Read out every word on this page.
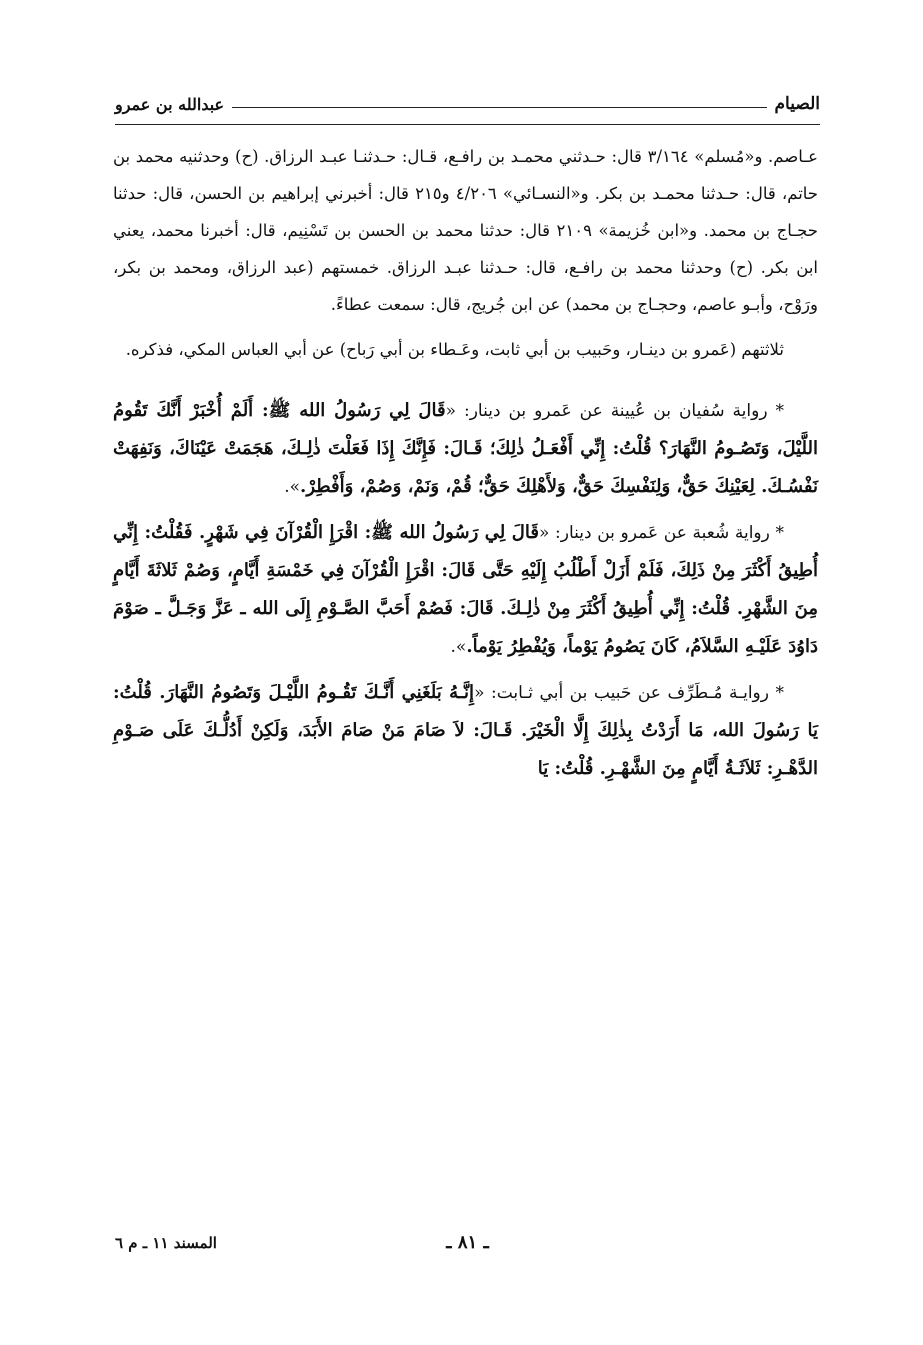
الصيام
عبدالله بن عمرو

عـاصم. و«مُسلم» ٣/١٦٤ قال: حـدثني محمـد بن رافـع، قـال: حـدثنـا عبـد الرزاق. (ح) وحدثنيه محمد بن حاتم، قال: حـدثنا محمـد بن بكر. و«النسـائي» ٤/٢٠٦ و٢١٥ قال: أخبرني إبراهيم بن الحسن، قال: حدثنا حجـاج بن محمد. و«ابن خُزيمة» ٢١٠٩ قال: حدثنا محمد بن الحسن بن تَسْنِيم، قال: أخبرنا محمد، يعني ابن بكر. (ح) وحدثنا محمد بن رافـع، قال: حـدثنا عبـد الرزاق. خمستهم (عبد الرزاق، ومحمد بن بكر، ورَوْح، وأبـو عاصم، وحجـاج بن محمد) عن ابن جُريج، قال: سمعت عطاءً.

ثلاثتهم (عَمرو بن دينـار، وحَبيب بن أبي ثابت، وعَـطاء بن أبي رَباح) عن أبي العباس المكي، فذكره.

* رواية سُفيان بن عُيينة عن عَمرو بن دينار: «قَالَ لِي رَسُولُ الله ﷺ: أَلَمْ أُخْبَرْ أَنَّكَ تَقُومُ اللَّيْلَ، وَتَصُـومُ النَّهَارَ؟ قُلْتُ: إِنِّي أَفْعَـلُ ذٰلِكَ؛ قَـالَ: فَإِنَّكَ إِذَا فَعَلْتَ ذٰلِـكَ، هَجَمَتْ عَيْنَاكَ، وَنَفِهَتْ نَفْسُـكَ. لِعَيْنِكَ حَقٌّ، وَلِنَفْسِكَ حَقٌّ، وَلأَهْلِكَ حَقٌّ؛ قُمْ، وَنَمْ، وَصُمْ، وَأَفْطِرْ.».

* رواية شُعبة عن عَمرو بن دينار: «قَالَ لِي رَسُولُ الله ﷺ: اقْرَإِ الْقُرْآنَ فِي شَهْرٍ. فَقُلْتُ: إِنِّي أُطِيقُ أَكْثَرَ مِنْ ذَلِكَ، فَلَمْ أَزَلْ أَطْلُبُ إِلَيْهِ حَتَّى قَالَ: اقْرَإِ الْقُرْآنَ فِي خَمْسَةِ أَيَّامٍ، وَصُمْ ثَلاثَةَ أَيَّامٍ مِنَ الشَّهْرِ. قُلْتُ: إِنِّي أُطِيقُ أَكْثَرَ مِنْ ذٰلِـكَ. قَالَ: فَصُمْ أَحَبَّ الصَّـوْمِ إِلَى الله ـ عَزَّ وَجَـلَّ ـ صَوْمَ دَاوُدَ عَلَيْـهِ السَّلاَمُ، كَانَ يَصُومُ يَوْماً، وَيُفْطِرُ يَوْماً.».

* روايـة مُـطَرِّف عن حَبيب بن أبي ثـابت: «إِنَّـهُ بَلَغَنِي أَنَّـكَ تَقُـومُ اللَّيْـلَ وَتَصُومُ النَّهَارَ. قُلْتُ: يَا رَسُولَ الله، مَا أَرَدْتُ بِذٰلِكَ إِلَّا الْخَيْرَ. قَـالَ: لاَ صَامَ مَنْ صَامَ الأَبَدَ، وَلَكِنْ أَدُلُّـكَ عَلَى صَـوْمِ الدَّهْـرِ: ثَلاَثَـةُ أَيَّامٍ مِنَ الشَّهْـرِ. قُلْتُ: يَا

ـ ٨١ ـ
المسند ١١ ـ م ٦
